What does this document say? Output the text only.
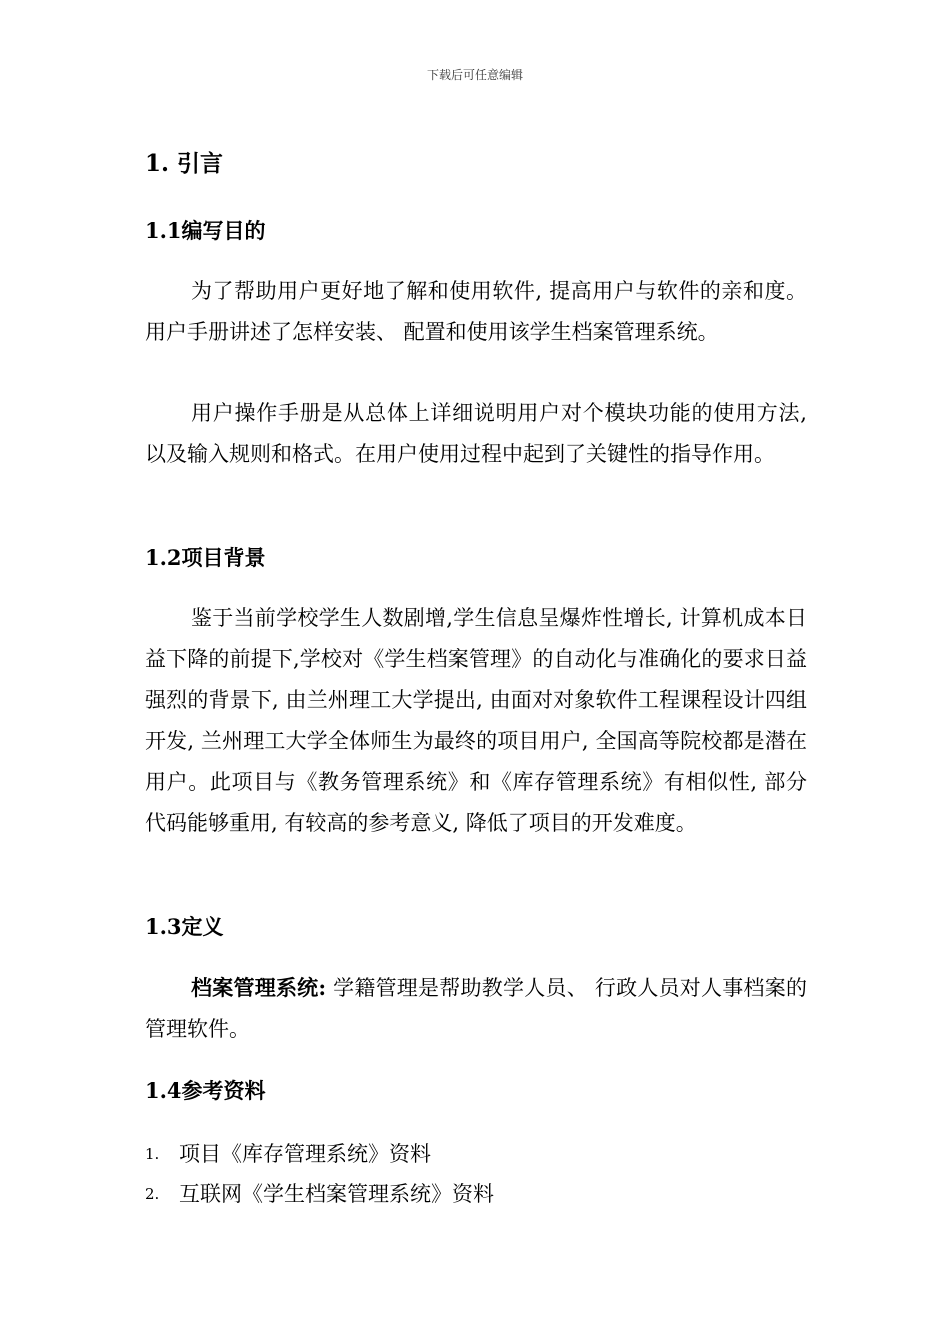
下载后可任意编辑
1. 引言
1.1编写目的

为了帮助用户更好地了解和使用软件, 提高用户与软件的亲和度。用户手册讲述了怎样安装、 配置和使用该学生档案管理系统。

用户操作手册是从总体上详细说明用户对个模块功能的使用方法, 以及输入规则和格式。在用户使用过程中起到了关键性的指导作用。

1.2项目背景

鉴于当前学校学生人数剧增,学生信息呈爆炸性增长, 计算机成本日益下降的前提下,学校对《学生档案管理》的自动化与准确化的要求日益强烈的背景下, 由兰州理工大学提出, 由面对对象软件工程课程设计四组开发, 兰州理工大学全体师生为最终的项目用户, 全国高等院校都是潜在用户。此项目与《教务管理系统》和《库存管理系统》有相似性, 部分代码能够重用, 有较高的参考意义, 降低了项目的开发难度。

1.3定义

档案管理系统: 学籍管理是帮助教学人员、 行政人员对人事档案的管理软件。

1.4参考资料
1. 项目《库存管理系统》资料
2. 互联网《学生档案管理系统》资料
